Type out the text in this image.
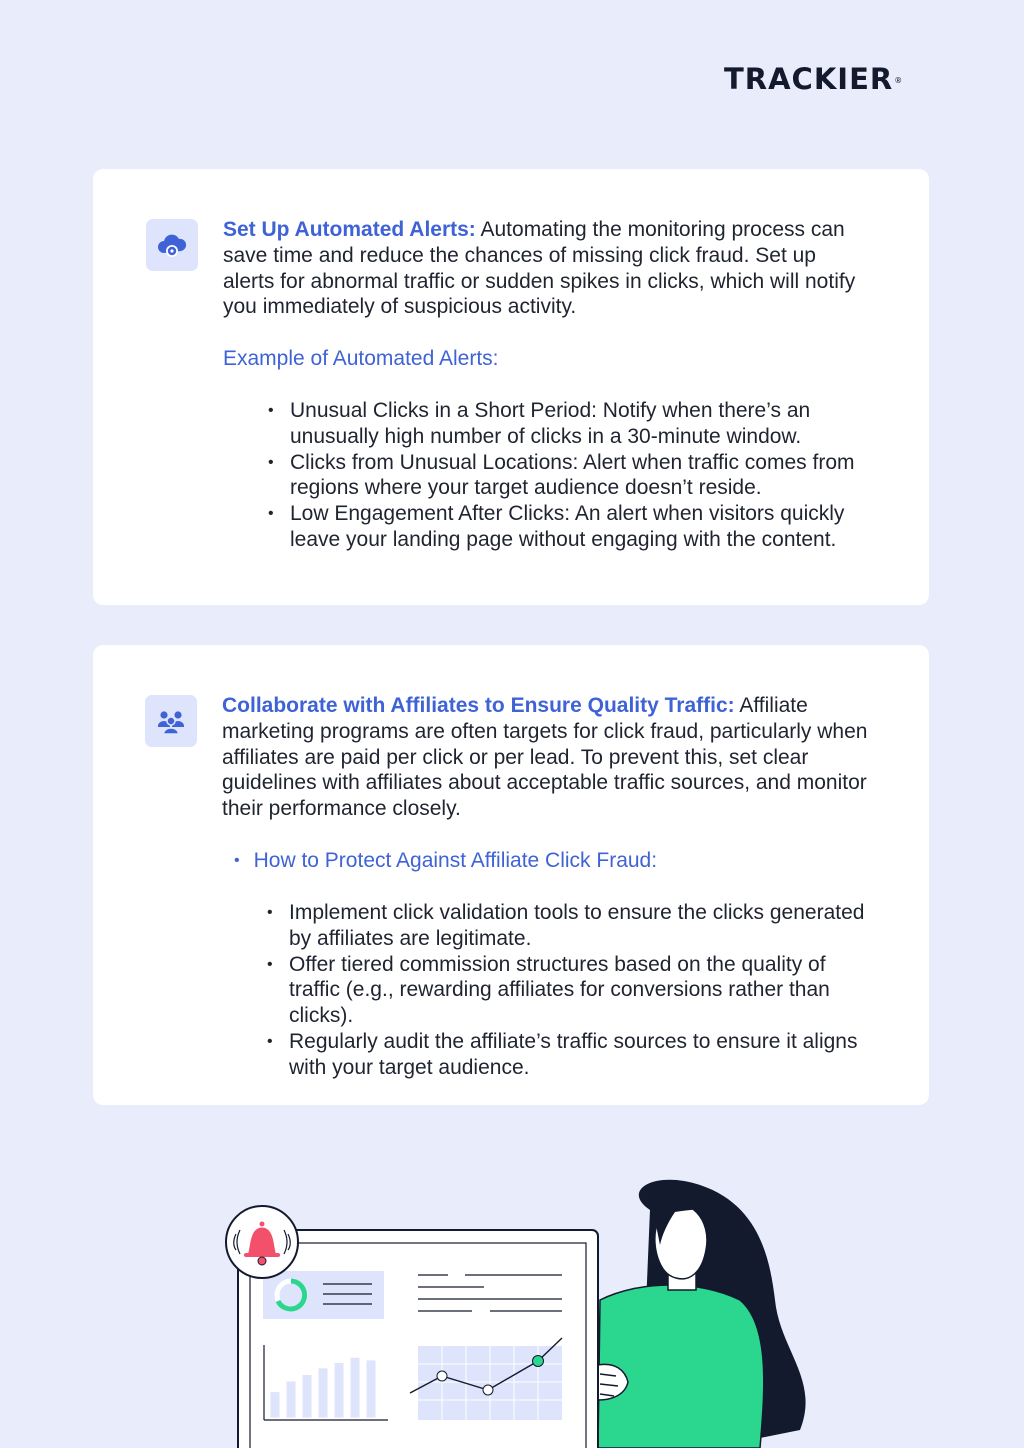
TRACKIER®

Set Up Automated Alerts: Automating the monitoring process can save time and reduce the chances of missing click fraud. Set up alerts for abnormal traffic or sudden spikes in clicks, which will notify you immediately of suspicious activity.

Example of Automated Alerts:

• Unusual Clicks in a Short Period: Notify when there’s an unusually high number of clicks in a 30-minute window.
• Clicks from Unusual Locations: Alert when traffic comes from regions where your target audience doesn’t reside.
• Low Engagement After Clicks: An alert when visitors quickly leave your landing page without engaging with the content.

Collaborate with Affiliates to Ensure Quality Traffic: Affiliate marketing programs are often targets for click fraud, particularly when affiliates are paid per click or per lead. To prevent this, set clear guidelines with affiliates about acceptable traffic sources, and monitor their performance closely.

• How to Protect Against Affiliate Click Fraud:

• Implement click validation tools to ensure the clicks generated by affiliates are legitimate.
• Offer tiered commission structures based on the quality of traffic (e.g., rewarding affiliates for conversions rather than clicks).
• Regularly audit the affiliate’s traffic sources to ensure it aligns with your target audience.
